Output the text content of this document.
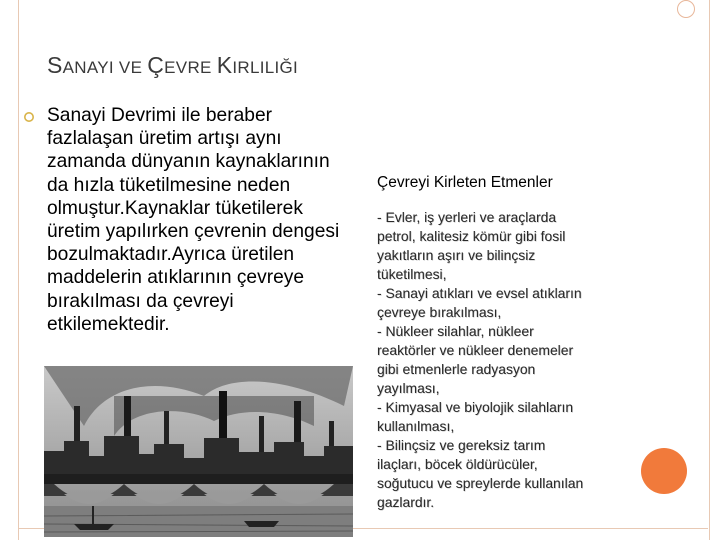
SANAYI VE ÇEVRE KIRLILIĞI
Sanayi Devrimi ile beraber
fazlalaşan üretim artışı aynı
zamanda dünyanın kaynaklarının
da hızla tüketilmesine neden
olmuştur.Kaynaklar tüketilerek
üretim yapılırken çevrenin dengesi
bozulmaktadır.Ayrıca üretilen
maddelerin atıklarının çevreye
bırakılması da çevreyi
etkilemektedir.
Çevreyi Kirleten Etmenler
- Evler, iş yerleri ve araçlarda
petrol, kalitesiz kömür gibi fosil
yakıtların aşırı ve bilinçsiz
tüketilmesi,
- Sanayi atıkları ve evsel atıkların
çevreye bırakılması,
- Nükleer silahlar, nükleer
reaktörler ve nükleer denemeler
gibi etmenlerle radyasyon
yayılması,
- Kimyasal ve biyolojik silahların
kullanılması,
- Bilinçsiz ve gereksiz tarım
ilaçları, böcek öldürücüler,
soğutucu ve spreylerde kullanılan
gazlardır.
